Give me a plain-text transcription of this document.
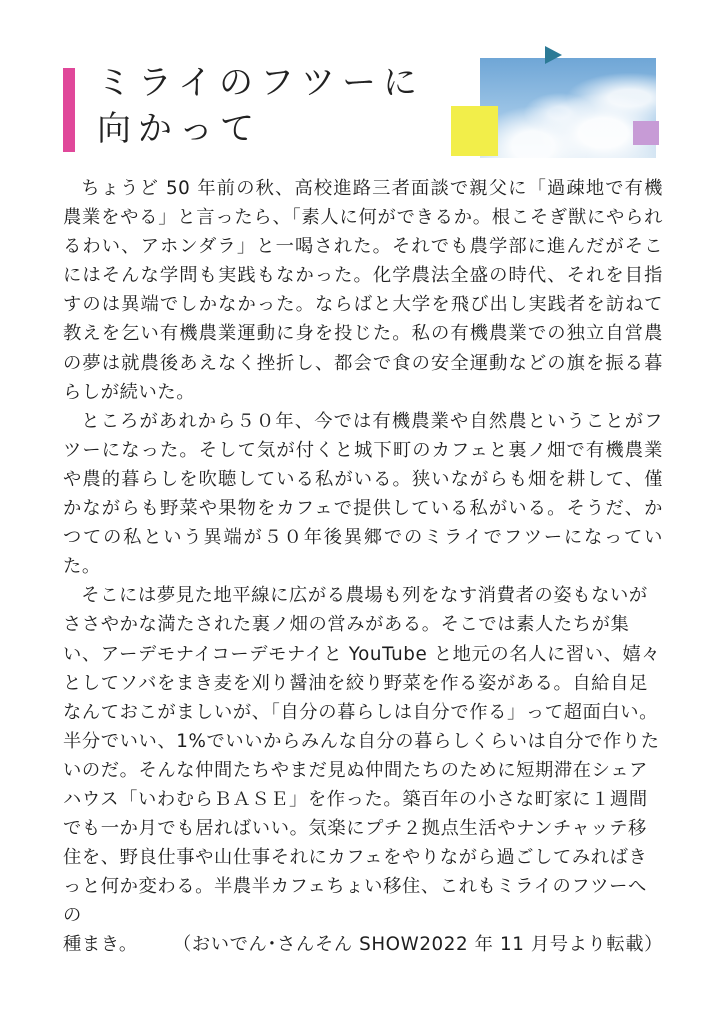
ミライのフツーに
向かって

ちょうど 50 年前の秋、高校進路三者面談で親父に「過疎地で有機農業をやる」と言ったら、「素人に何ができるか。根こそぎ獣にやられるわい、アホンダラ」と一喝された。それでも農学部に進んだがそこにはそんな学問も実践もなかった。化学農法全盛の時代、それを目指すのは異端でしかなかった。ならばと大学を飛び出し実践者を訪ねて教えを乞い有機農業運動に身を投じた。私の有機農業での独立自営農の夢は就農後あえなく挫折し、都会で食の安全運動などの旗を振る暮らしが続いた。

ところがあれから５０年、今では有機農業や自然農ということがフツーになった。そして気が付くと城下町のカフェと裏ノ畑で有機農業や農的暮らしを吹聴している私がいる。狭いながらも畑を耕して、僅かながらも野菜や果物をカフェで提供している私がいる。そうだ、かつての私という異端が５０年後異郷でのミライでフツーになっていた。

そこには夢見た地平線に広がる農場も列をなす消費者の姿もないがささやかな満たされた裏ノ畑の営みがある。そこでは素人たちが集い、アーデモナイコーデモナイと YouTube と地元の名人に習い、嬉々としてソバをまき麦を刈り醤油を絞り野菜を作る姿がある。自給自足なんておこがましいが、「自分の暮らしは自分で作る」って超面白い。半分でいい、1%でいいからみんな自分の暮らしくらいは自分で作りたいのだ。そんな仲間たちやまだ見ぬ仲間たちのために短期滞在シェアハウス「いわむらＢＡＳＥ」を作った。築百年の小さな町家に１週間でも一か月でも居ればいい。気楽にプチ２拠点生活やナンチャッテ移住を、野良仕事や山仕事それにカフェをやりながら過ごしてみればきっと何か変わる。半農半カフェちょい移住、これもミライのフツーへの
種まき。 （おいでん･さんそん SHOW2022 年 11 月号より転載）
